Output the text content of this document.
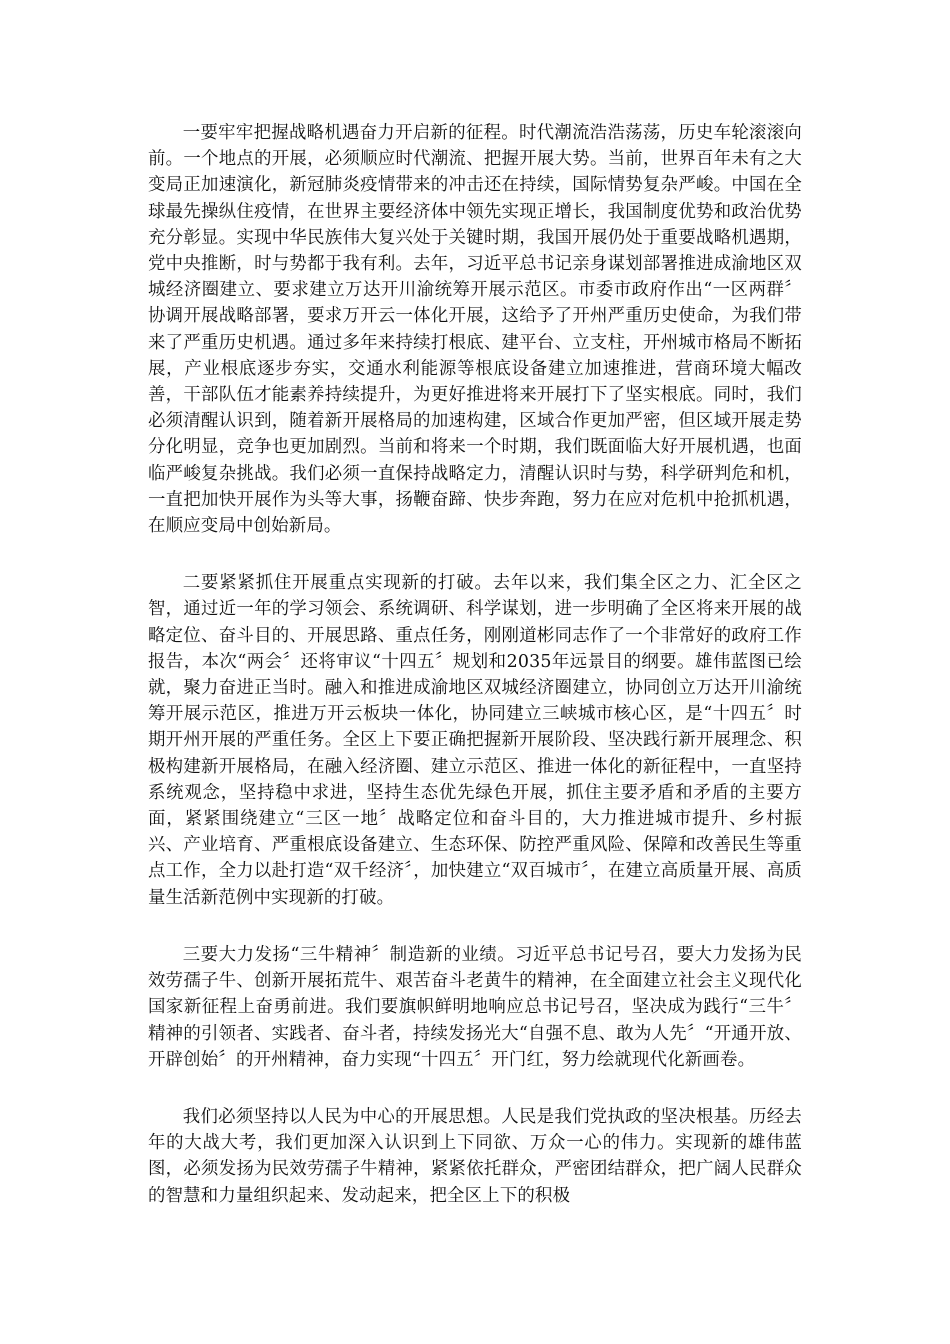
一要牢牢把握战略机遇奋力开启新的征程。时代潮流浩浩荡荡，历史车轮滚滚向前。一个地点的开展，必须顺应时代潮流、把握开展大势。当前，世界百年未有之大变局正加速演化，新冠肺炎疫情带来的冲击还在持续，国际情势复杂严峻。中国在全球最先操纵住疫情，在世界主要经济体中领先实现正增长，我国制度优势和政治优势充分彰显。实现中华民族伟大复兴处于关键时期，我国开展仍处于重要战略机遇期，党中央推断，时与势都于我有利。去年，习近平总书记亲身谋划部署推进成渝地区双城经济圈建立、要求建立万达开川渝统筹开展示范区。市委市政府作出“一区两群〞协调开展战略部署，要求万开云一体化开展，这给予了开州严重历史使命，为我们带来了严重历史机遇。通过多年来持续打根底、建平台、立支柱，开州城市格局不断拓展，产业根底逐步夯实，交通水利能源等根底设备建立加速推进，营商环境大幅改善，干部队伍才能素养持续提升，为更好推进将来开展打下了坚实根底。同时，我们必须清醒认识到，随着新开展格局的加速构建，区域合作更加严密，但区域开展走势分化明显，竞争也更加剧烈。当前和将来一个时期，我们既面临大好开展机遇，也面临严峻复杂挑战。我们必须一直保持战略定力，清醒认识时与势，科学研判危和机，一直把加快开展作为头等大事，扬鞭奋蹄、快步奔跑，努力在应对危机中抢抓机遇，在顺应变局中创始新局。

二要紧紧抓住开展重点实现新的打破。去年以来，我们集全区之力、汇全区之智，通过近一年的学习领会、系统调研、科学谋划，进一步明确了全区将来开展的战略定位、奋斗目的、开展思路、重点任务，刚刚道彬同志作了一个非常好的政府工作报告，本次“两会〞还将审议“十四五〞规划和2035年远景目的纲要。雄伟蓝图已绘就，聚力奋进正当时。融入和推进成渝地区双城经济圈建立，协同创立万达开川渝统筹开展示范区，推进万开云板块一体化，协同建立三峡城市核心区，是“十四五〞时期开州开展的严重任务。全区上下要正确把握新开展阶段、坚决践行新开展理念、积极构建新开展格局，在融入经济圈、建立示范区、推进一体化的新征程中，一直坚持系统观念，坚持稳中求进，坚持生态优先绿色开展，抓住主要矛盾和矛盾的主要方面，紧紧围绕建立“三区一地〞战略定位和奋斗目的，大力推进城市提升、乡村振兴、产业培育、严重根底设备建立、生态环保、防控严重风险、保障和改善民生等重点工作，全力以赴打造“双千经济〞，加快建立“双百城市〞，在建立高质量开展、高质量生活新范例中实现新的打破。

三要大力发扬“三牛精神〞制造新的业绩。习近平总书记号召，要大力发扬为民效劳孺子牛、创新开展拓荒牛、艰苦奋斗老黄牛的精神，在全面建立社会主义现代化国家新征程上奋勇前进。我们要旗帜鲜明地响应总书记号召，坚决成为践行“三牛〞精神的引领者、实践者、奋斗者，持续发扬光大“自强不息、敢为人先〞“开通开放、开辟创始〞的开州精神，奋力实现“十四五〞开门红，努力绘就现代化新画卷。

我们必须坚持以人民为中心的开展思想。人民是我们党执政的坚决根基。历经去年的大战大考，我们更加深入认识到上下同欲、万众一心的伟力。实现新的雄伟蓝图，必须发扬为民效劳孺子牛精神，紧紧依托群众，严密团结群众，把广阔人民群众的智慧和力量组织起来、发动起来，把全区上下的积极
